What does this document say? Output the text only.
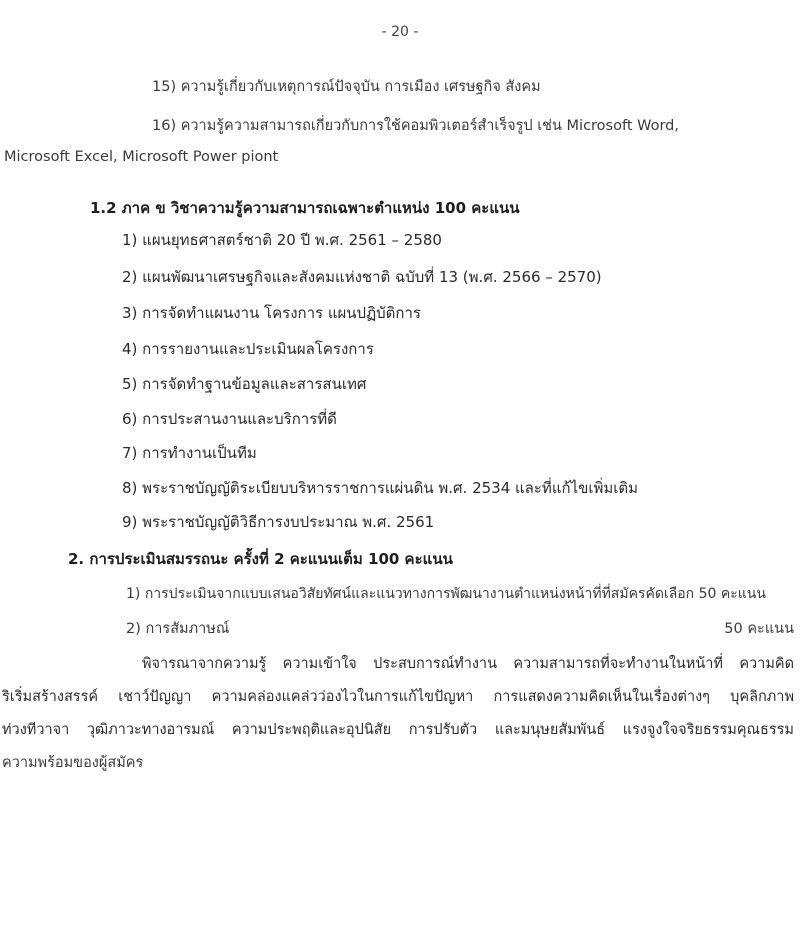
- 20 -
15) ความรู้เกี่ยวกับเหตุการณ์ปัจจุบัน การเมือง เศรษฐกิจ สังคม
16) ความรู้ความสามารถเกี่ยวกับการใช้คอมพิวเตอร์สำเร็จรูป เช่น Microsoft Word,
Microsoft Excel, Microsoft Power piont
1.2 ภาค ข วิชาความรู้ความสามารถเฉพาะตำแหน่ง 100 คะแนน
1) แผนยุทธศาสตร์ชาติ 20 ปี พ.ศ. 2561 – 2580
2) แผนพัฒนาเศรษฐกิจและสังคมแห่งชาติ ฉบับที่ 13 (พ.ศ. 2566 – 2570)
3) การจัดทำแผนงาน โครงการ แผนปฏิบัติการ
4) การรายงานและประเมินผลโครงการ
5) การจัดทำฐานข้อมูลและสารสนเทศ
6) การประสานงานและบริการที่ดี
7) การทำงานเป็นทีม
8) พระราชบัญญัติระเบียบบริหารราชการแผ่นดิน พ.ศ. 2534 และที่แก้ไขเพิ่มเติม
9) พระราชบัญญัติวิธีการงบประมาณ พ.ศ. 2561
2. การประเมินสมรรถนะ ครั้งที่ 2 คะแนนเต็ม 100 คะแนน
1) การประเมินจากแบบเสนอวิสัยทัศน์และแนวทางการพัฒนางานตำแหน่งหน้าที่ที่สมัครคัดเลือก 50 คะแนน
2) การสัมภาษณ์	50 คะแนน
พิจารณาจากความรู้ ความเข้าใจ ประสบการณ์ทำงาน ความสามารถที่จะทำงานในหน้าที่ ความคิด
ริเริ่มสร้างสรรค์ เชาว์ปัญญา ความคล่องแคล่วว่องไวในการแก้ไขปัญหา การแสดงความคิดเห็นในเรื่องต่างๆ บุคลิกภาพ
ท่วงทีวาจา วุฒิภาวะทางอารมณ์ ความประพฤติและอุปนิสัย การปรับตัว และมนุษยสัมพันธ์ แรงจูงใจจริยธรรมคุณธรรม
ความพร้อมของผู้สมัคร
